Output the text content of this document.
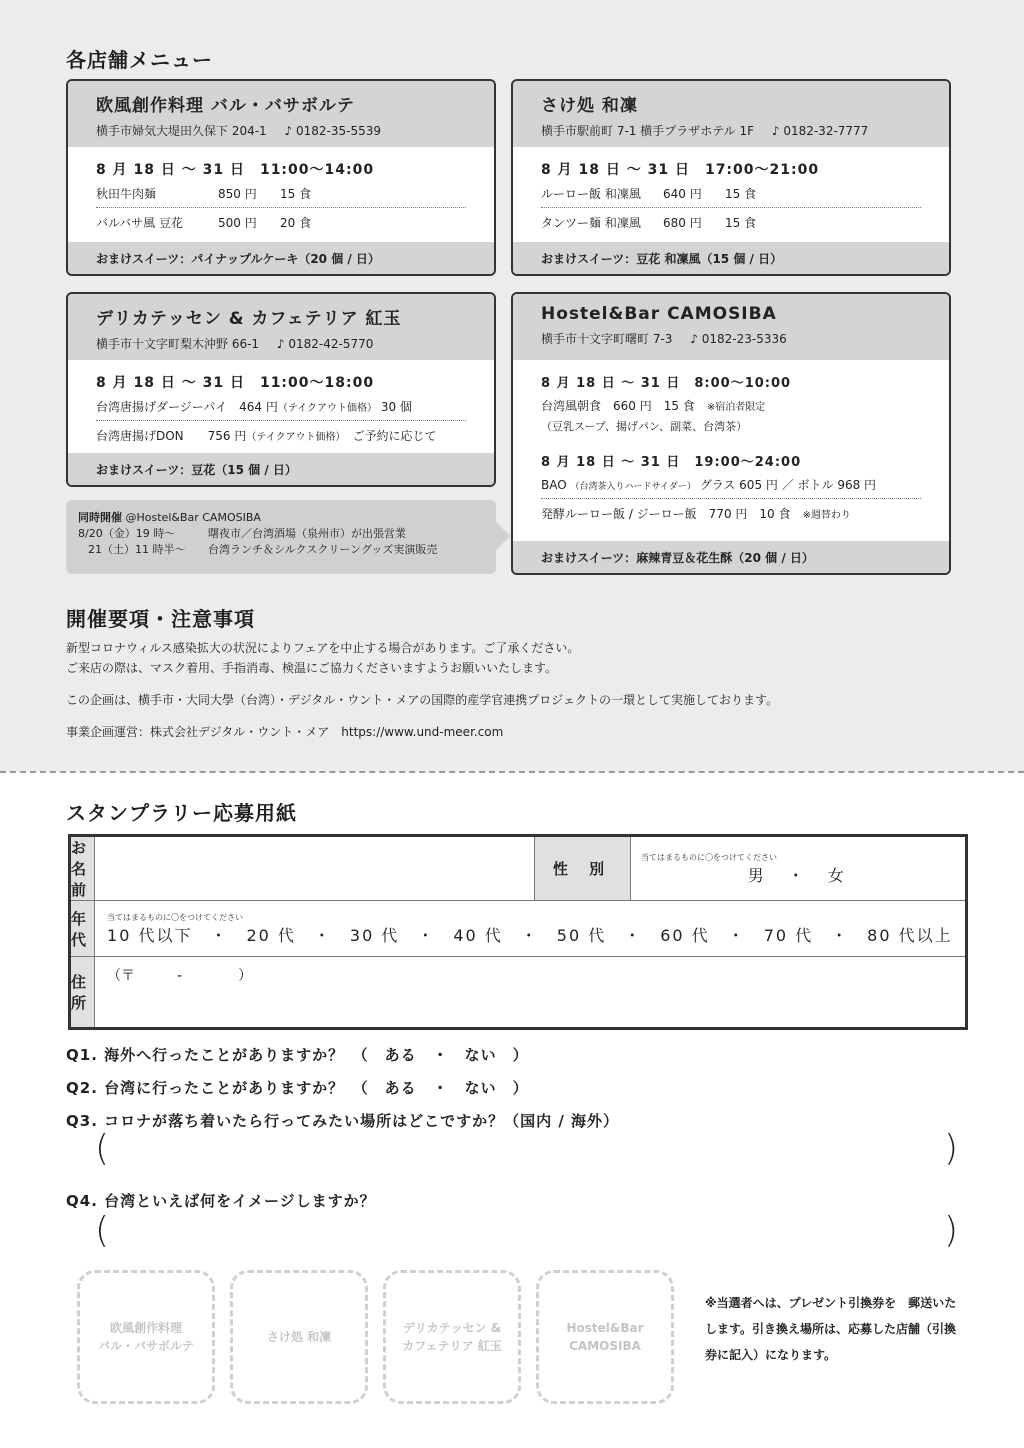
各店舗メニュー
欧風創作料理 バル・バサボルテ
横手市婦気大堤田久保下 204-1 ♪ 0182-35-5539
8 月 18 日 ～ 31 日　11:00～14:00
秋田牛肉麺	850 円	15 食
バルバサ風 豆花	500 円	20 食
おまけスイーツ：パイナップルケーキ（20 個 / 日）
さけ処 和凜
横手市駅前町 7-1 横手プラザホテル 1F ♪ 0182-32-7777
8 月 18 日 ～ 31 日　17:00～21:00
ルーロー飯 和凜風	640 円	15 食
タンツー麺 和凜風	680 円	15 食
おまけスイーツ：豆花 和凜風（15 個 / 日）
デリカテッセン & カフェテリア 紅玉
横手市十文字町梨木沖野 66-1 ♪ 0182-42-5770
8 月 18 日 ～ 31 日　11:00～18:00
台湾唐揚げダージーパイ　464 円（テイクアウト価格） 30 個
台湾唐揚げDON　　756 円（テイクアウト価格）　ご予約に応じて
おまけスイーツ：豆花（15 個 / 日）
Hostel&Bar CAMOSIBA
横手市十文字町曙町 7-3 ♪ 0182-23-5336
8 月 18 日 ～ 31 日　8:00～10:00
台湾風朝食　660 円　15 食　 ※宿泊者限定
（豆乳スープ、揚げパン、副菜、台湾茶）
8 月 18 日 ～ 31 日　19:00～24:00
BAO （台湾茶入りハードサイダー） グラス 605 円 ／ ボトル 968 円
発酵ルーロー飯 / ジーロー飯　770 円　10 食　 ※週替わり
おまけスイーツ：麻辣青豆＆花生酥（20 個 / 日）
同時開催 @Hostel&Bar CAMOSIBA
8/20（金）19 時～	曙夜市／台湾酒場（泉州市）が出張営業
21（土）11 時半～ 台湾ランチ＆シルクスクリーングッズ実演販売
開催要項・注意事項

新型コロナウィルス感染拡大の状況によりフェアを中止する場合があります。ご了承ください。

ご来店の際は、マスク着用、手指消毒、検温にご協力くださいますようお願いいたします。

この企画は、横手市・大同大學（台湾）・デジタル・ウント・メアの国際的産学官連携プロジェクトの一環として実施しております。

事業企画運営：株式会社デジタル・ウント・メア　https://www.und-meer.com

スタンプラリー応募用紙
お名前		性 別	当てはまるものに〇をつけてください
男　・　女

年 代	当てはまるものに〇をつけてください
10 代以下　・　20 代　・　30 代　・　40 代　・　50 代　・　60 代　・　70 代　・　80 代以上		

住 所	（〒　　　-　　　　）		
Q1. 海外へ行ったことがありますか？　（　ある　・　ない　）
Q2. 台湾に行ったことがありますか？　（　ある　・　ない　）
Q3. コロナが落ち着いたら行ってみたい場所はどこですか？（国内 / 海外）
(	)
Q4. 台湾といえば何をイメージしますか？
(	)
欧風創作料理
バル・バサボルテ
さけ処 和凜
デリカテッセン &
カフェテリア 紅玉
Hostel&Bar
CAMOSIBA
※当選者へは、プレゼント引換券を　郵送いたします。引き換え場所は、応募した店舗（引換券に記入）になります。
